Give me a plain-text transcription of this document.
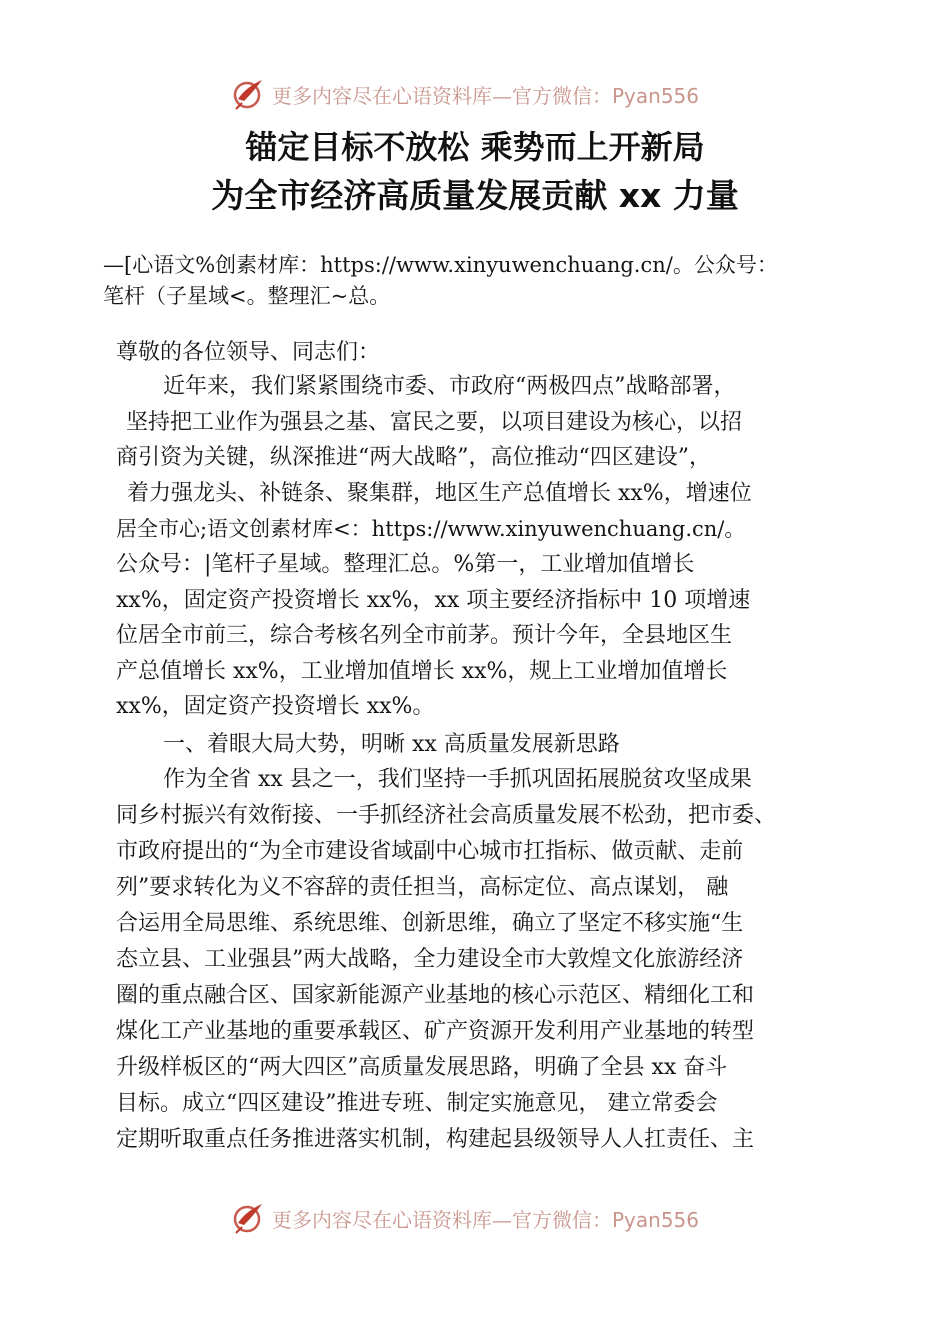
更多内容尽在心语资料库—官方微信：Pyan556
锚定目标不放松 乘势而上开新局
为全市经济高质量发展贡献 xx 力量
—[心语文%创素材库：https://www.xinyuwenchuang.cn/。公众号：
笔杆（子星域<。整理汇~总。
尊敬的各位领导、同志们：
近年来，我们紧紧围绕市委、市政府“两极四点”战略部署，
坚持把工业作为强县之基、富民之要，以项目建设为核心，以招
商引资为关键，纵深推进“两大战略”，高位推动“四区建设”，
着力强龙头、补链条、聚集群，地区生产总值增长 xx%，增速位
居全市心;语文创素材库<：https://www.xinyuwenchuang.cn/。
公众号：|笔杆子星域。整理汇总。%第一，工业增加值增长
xx%，固定资产投资增长 xx%，xx 项主要经济指标中 10 项增速
位居全市前三，综合考核名列全市前茅。预计今年，全县地区生
产总值增长 xx%，工业增加值增长 xx%，规上工业增加值增长
xx%，固定资产投资增长 xx%。
一、着眼大局大势，明晰 xx 高质量发展新思路
作为全省 xx 县之一，我们坚持一手抓巩固拓展脱贫攻坚成果
同乡村振兴有效衔接、一手抓经济社会高质量发展不松劲，把市委、
市政府提出的“为全市建设省域副中心城市扛指标、做贡献、走前
列”要求转化为义不容辞的责任担当，高标定位、高点谋划， 融
合运用全局思维、系统思维、创新思维，确立了坚定不移实施“生
态立县、工业强县”两大战略，全力建设全市大敦煌文化旅游经济
圈的重点融合区、国家新能源产业基地的核心示范区、精细化工和
煤化工产业基地的重要承载区、矿产资源开发利用产业基地的转型
升级样板区的“两大四区”高质量发展思路，明确了全县 xx 奋斗
目标。成立“四区建设”推进专班、制定实施意见， 建立常委会
定期听取重点任务推进落实机制，构建起县级领导人人扛责任、主
更多内容尽在心语资料库—官方微信：Pyan556
